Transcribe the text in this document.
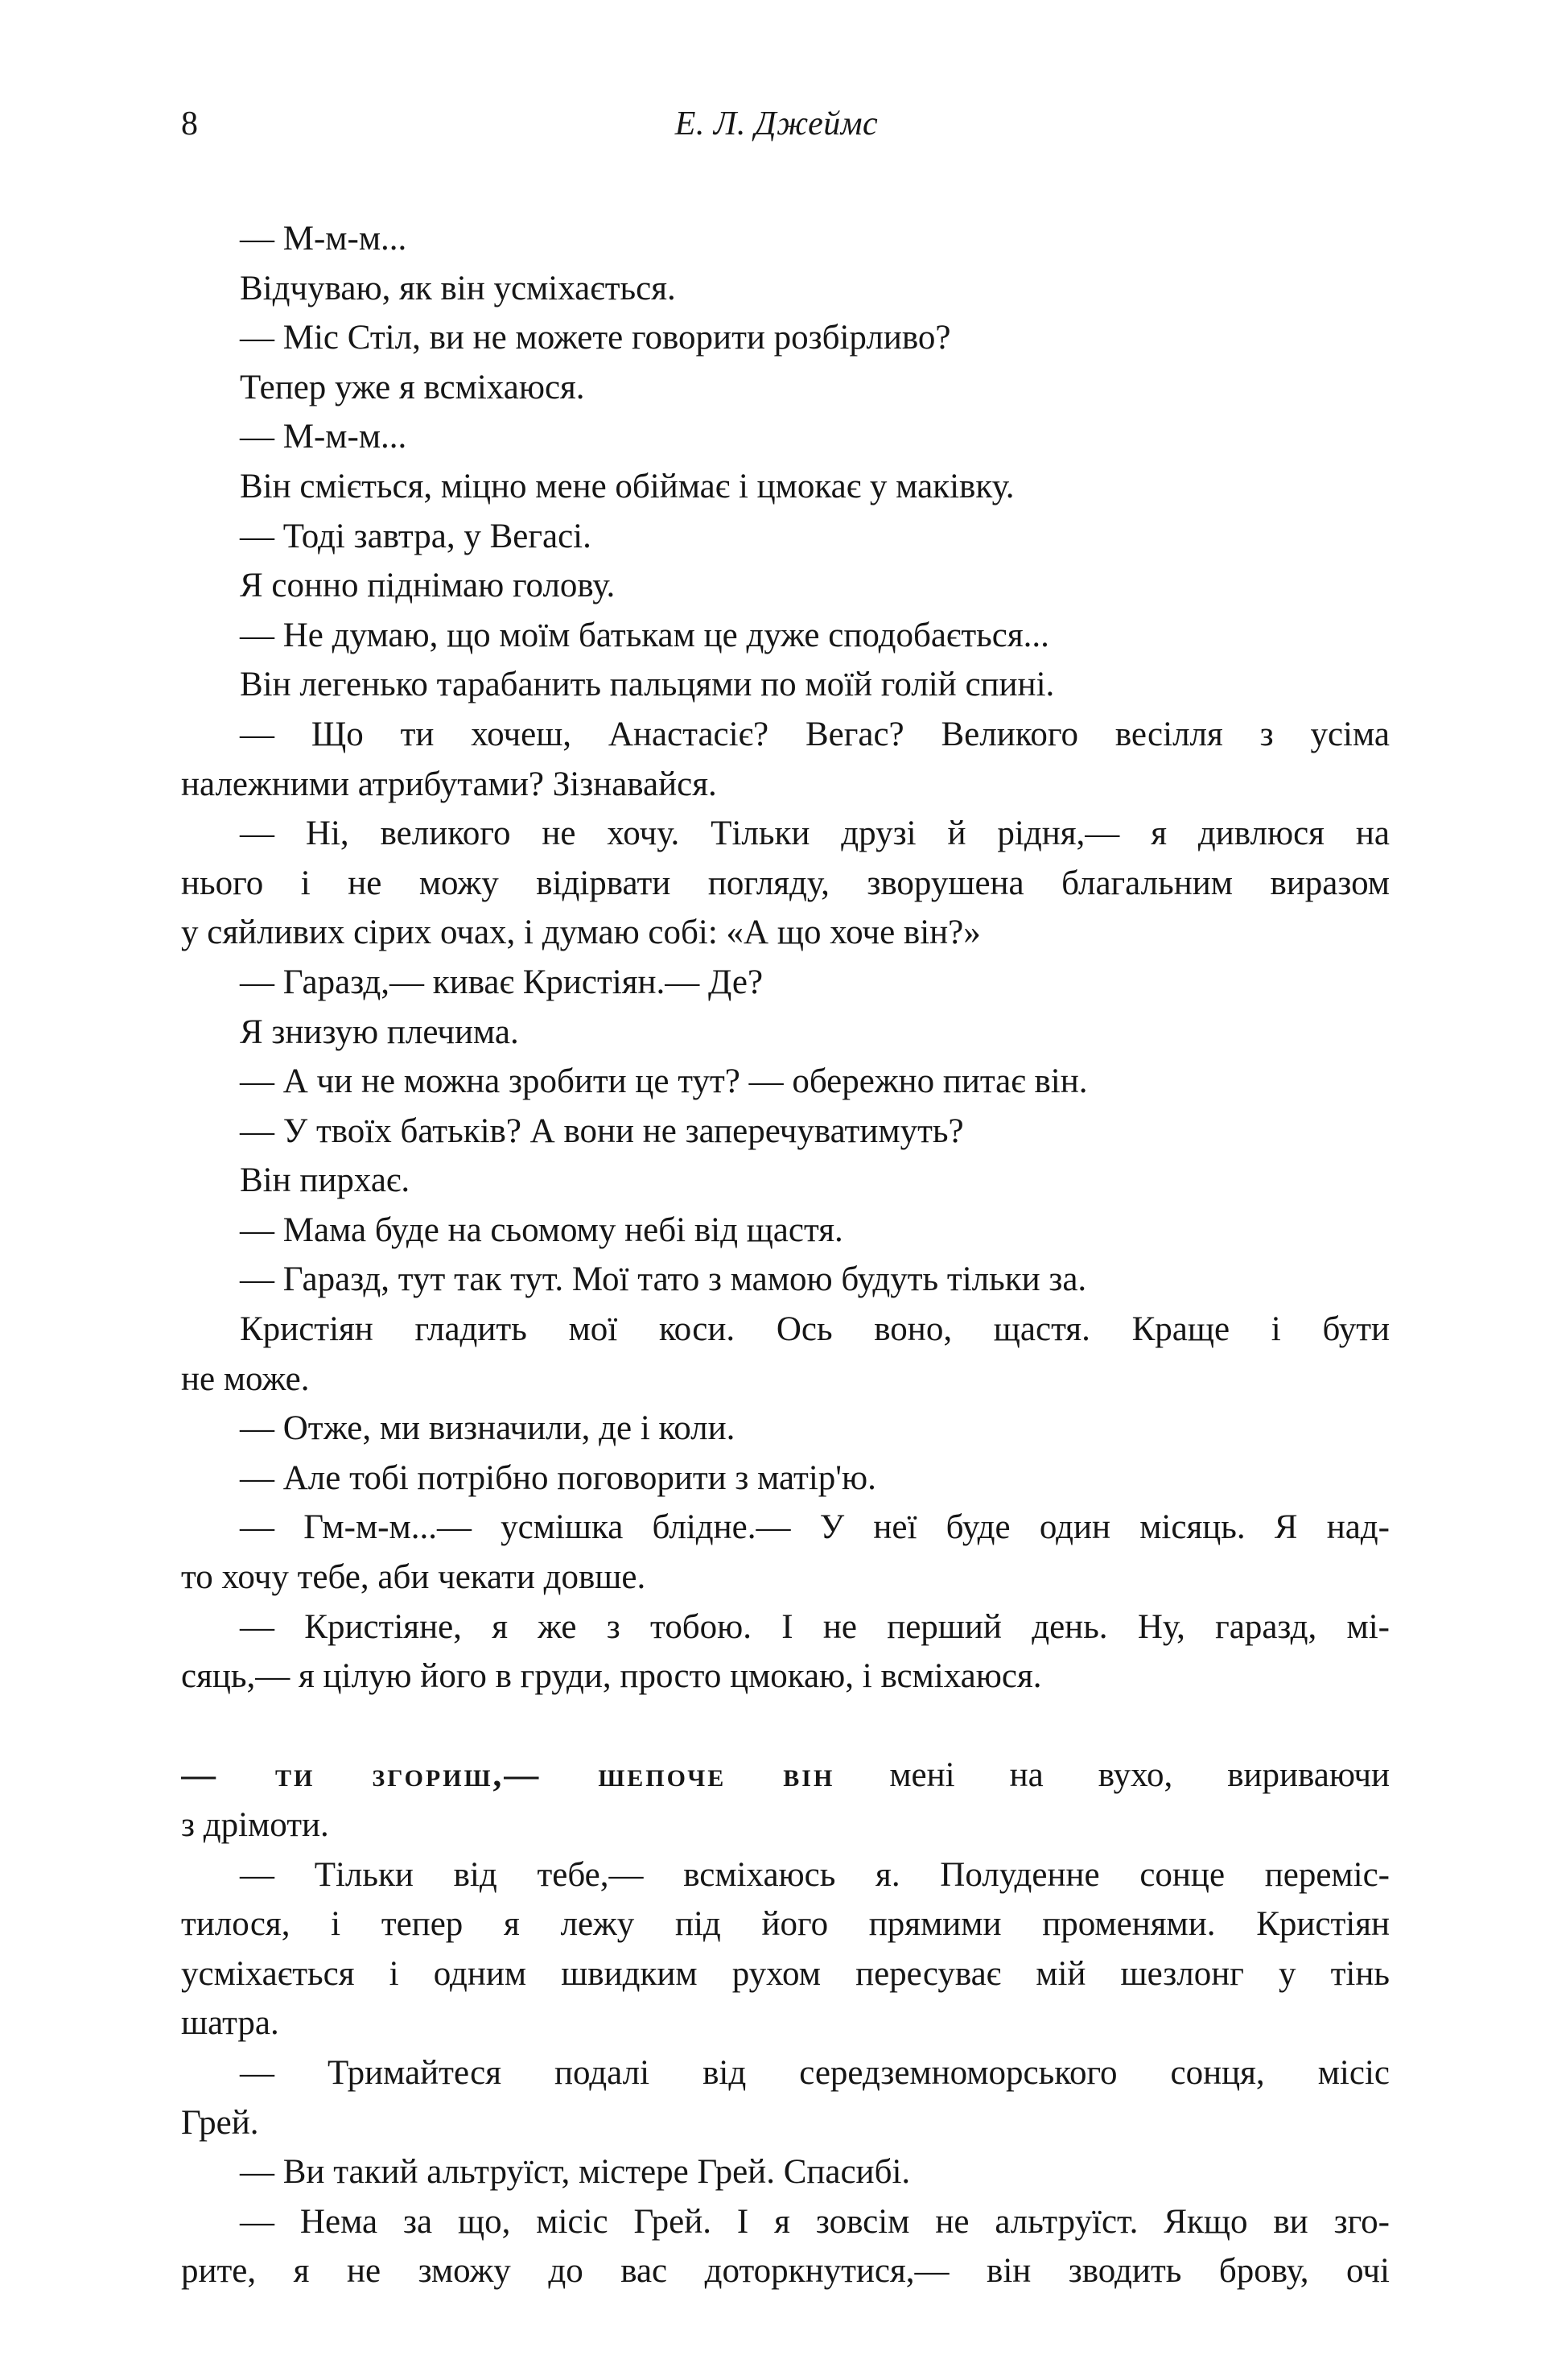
8	Е. Л. Джеймс
— М-м-м...
Відчуваю, як він усміхається.
— Міс Стіл, ви не можете говорити розбірливо?
Тепер уже я всміхаюся.
— М-м-м...
Він сміється, міцно мене обіймає і цмокає у маківку.
— Тоді завтра, у Вегасі.
Я сонно піднімаю голову.
— Не думаю, що моїм батькам це дуже сподобається...
Він легенько тарабанить пальцями по моїй голій спині.
— Що ти хочеш, Анастасіє? Вегас? Великого весілля з усіма
належними атрибутами? Зізнавайся.
— Ні, великого не хочу. Тільки друзі й рідня,— я дивлюся на
нього і не можу відірвати погляду, зворушена благальним виразом
у сяйливих сірих очах, і думаю собі: «А що хоче він?»
— Гаразд,— киває Кристіян.— Де?
Я знизую плечима.
— А чи не можна зробити це тут? — обережно питає він.
— У твоїх батьків? А вони не заперечуватимуть?
Він пирхає.
— Мама буде на сьомому небі від щастя.
— Гаразд, тут так тут. Мої тато з мамою будуть тільки за.
Кристіян гладить мої коси. Ось воно, щастя. Краще і бути
не може.
— Отже, ми визначили, де і коли.
— Але тобі потрібно поговорити з матір'ю.
— Гм-м-м...— усмішка блідне.— У неї буде один місяць. Я над-
то хочу тебе, аби чекати довше.
— Кристіяне, я же з тобою. І не перший день. Ну, гаразд, мі-
сяць,— я цілую його в груди, просто цмокаю, і всміхаюся.
— ти згориш,— шепоче він мені на вухо, вириваючи
з дрімоти.
— Тільки від тебе,— всміхаюсь я. Полуденне сонце переміс-
тилося, і тепер я лежу під його прямими променями. Кристіян
усміхається і одним швидким рухом пересуває мій шезлонг у тінь
шатра.
— Тримайтеся подалі від середземноморського сонця, місіс
Грей.
— Ви такий альтруїст, містере Грей. Спасибі.
— Нема за що, місіс Грей. І я зовсім не альтруїст. Якщо ви зго-
рите, я не зможу до вас доторкнутися,— він зводить брову, очі
